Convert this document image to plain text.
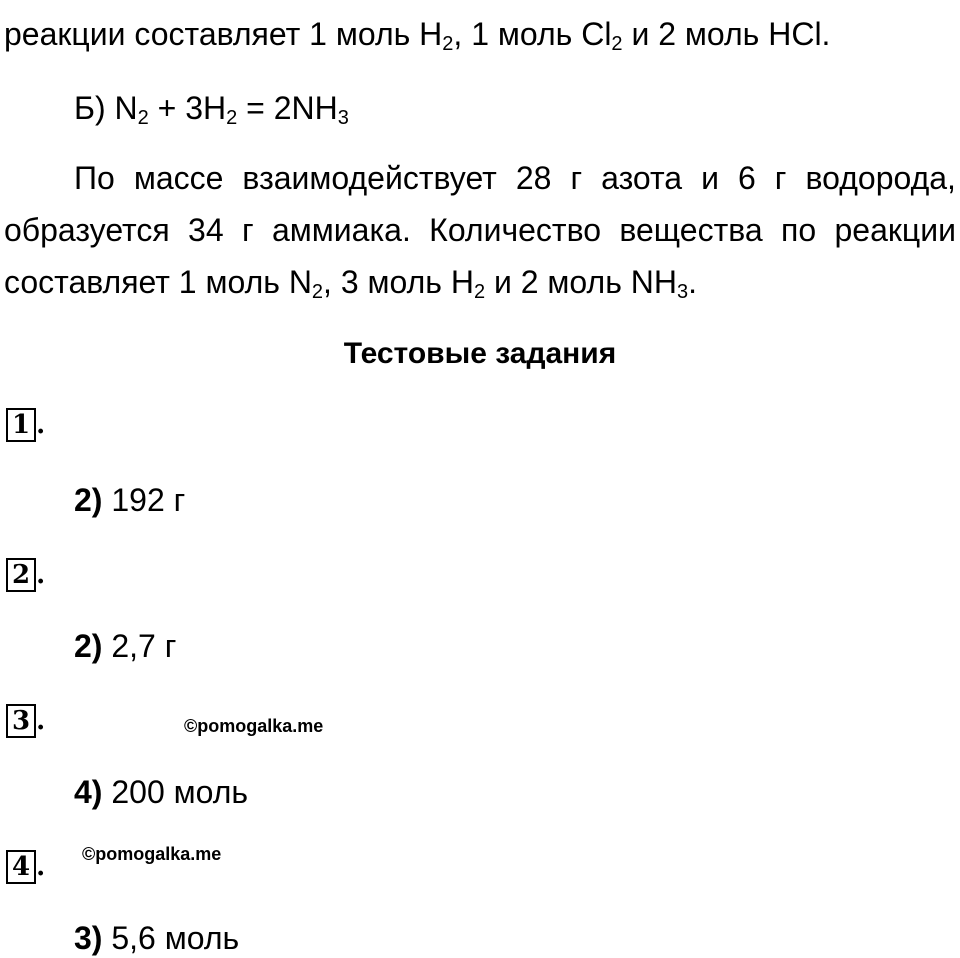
реакции составляет 1 моль $H_2$, 1 моль $Cl_2$ и 2 моль HCl.
Б) $N_2 + 3H_2 = 2NH_3$
По массе взаимодействует 28 г азота и 6 г водорода,
образуется 34 г аммиака. Количество вещества по реакции
составляет 1 моль $N_2$, 3 моль $H_2$ и 2 моль $NH_3$.
Тестовые задания
1 .
2) 192 г
2 .
2) 2,7 г
3 .	©pomogalka.me
4) 200 моль
4 . ©pomogalka.me
3) 5,6 моль
